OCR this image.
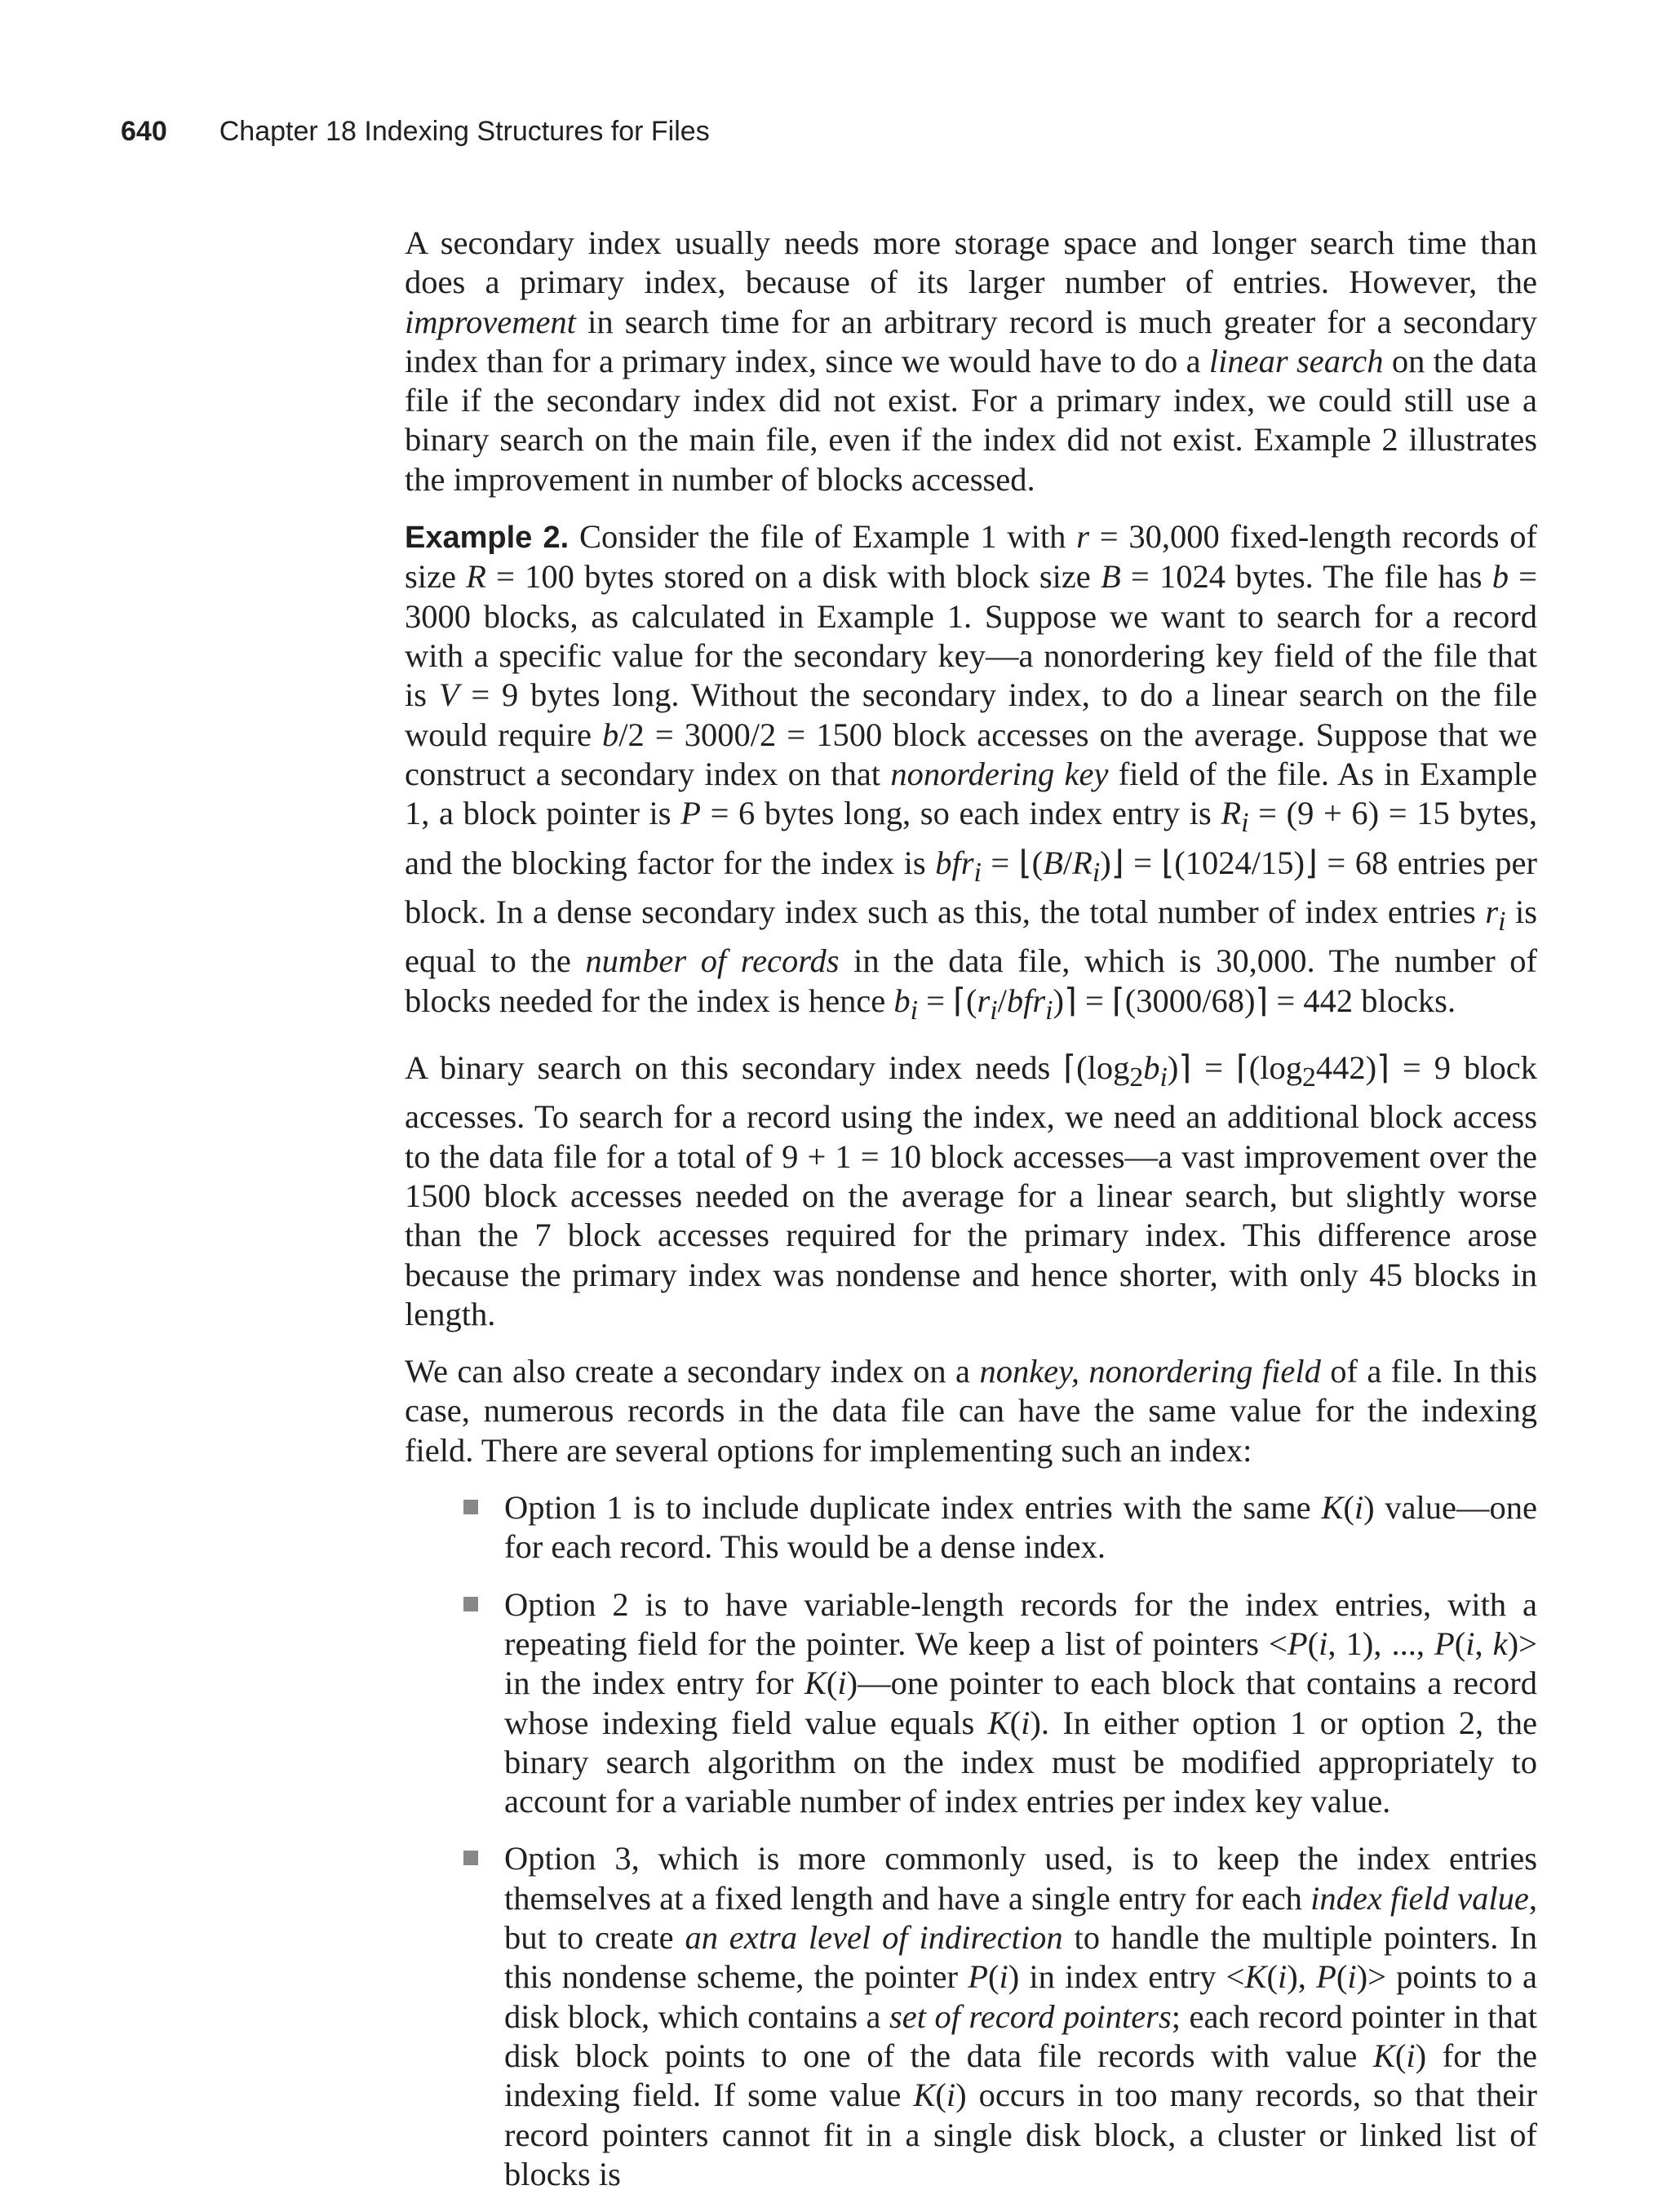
640 Chapter 18 Indexing Structures for Files

A secondary index usually needs more storage space and longer search time than does a primary index, because of its larger number of entries. However, the improvement in search time for an arbitrary record is much greater for a secondary index than for a primary index, since we would have to do a linear search on the data file if the secondary index did not exist. For a primary index, we could still use a binary search on the main file, even if the index did not exist. Example 2 illustrates the improvement in number of blocks accessed.

Example 2. Consider the file of Example 1 with r = 30,000 fixed-length records of size R = 100 bytes stored on a disk with block size B = 1024 bytes. The file has b = 3000 blocks, as calculated in Example 1. Suppose we want to search for a record with a specific value for the secondary key—a nonordering key field of the file that is V = 9 bytes long. Without the secondary index, to do a linear search on the file would require b/2 = 3000/2 = 1500 block accesses on the average. Suppose that we construct a secondary index on that nonordering key field of the file. As in Example 1, a block pointer is P = 6 bytes long, so each index entry is $R_i = (9 + 6) = 15$ bytes, and the blocking factor for the index is $bfr_i = ⌊(B/R_i)⌋$ = ⌊(1024/15)⌋ = 68 entries per block. In a dense secondary index such as this, the total number of index entries $r_i$ is equal to the number of records in the data file, which is 30,000. The number of blocks needed for the index is hence $b_i$ = $⌈(r_i/bfr_i)⌉$ = ⌈(3000/68)⌉ = 442 blocks.

A binary search on this secondary index needs $⌈(\log_2b_i)⌉$ = $⌈(\log_2442)⌉ = 9$ block accesses. To search for a record using the index, we need an additional block access to the data file for a total of 9 + 1 = 10 block accesses—a vast improvement over the 1500 block accesses needed on the average for a linear search, but slightly worse than the 7 block accesses required for the primary index. This difference arose because the primary index was nondense and hence shorter, with only 45 blocks in length.

We can also create a secondary index on a nonkey, nonordering field of a file. In this case, numerous records in the data file can have the same value for the indexing field. There are several options for implementing such an index:

Option 1 is to include duplicate index entries with the same K(i) value—one for each record. This would be a dense index.
Option 2 is to have variable-length records for the index entries, with a repeating field for the pointer. We keep a list of pointers <P(i, 1), ..., P(i, k)> in the index entry for K(i)—one pointer to each block that contains a record whose indexing field value equals K(i). In either option 1 or option 2, the binary search algorithm on the index must be modified appropriately to account for a variable number of index entries per index key value.
Option 3, which is more commonly used, is to keep the index entries themselves at a fixed length and have a single entry for each index field value, but to create an extra level of indirection to handle the multiple pointers. In this nondense scheme, the pointer P(i) in index entry <K(i), P(i)> points to a disk block, which contains a set of record pointers; each record pointer in that disk block points to one of the data file records with value K(i) for the indexing field. If some value K(i) occurs in too many records, so that their record pointers cannot fit in a single disk block, a cluster or linked list of blocks is
